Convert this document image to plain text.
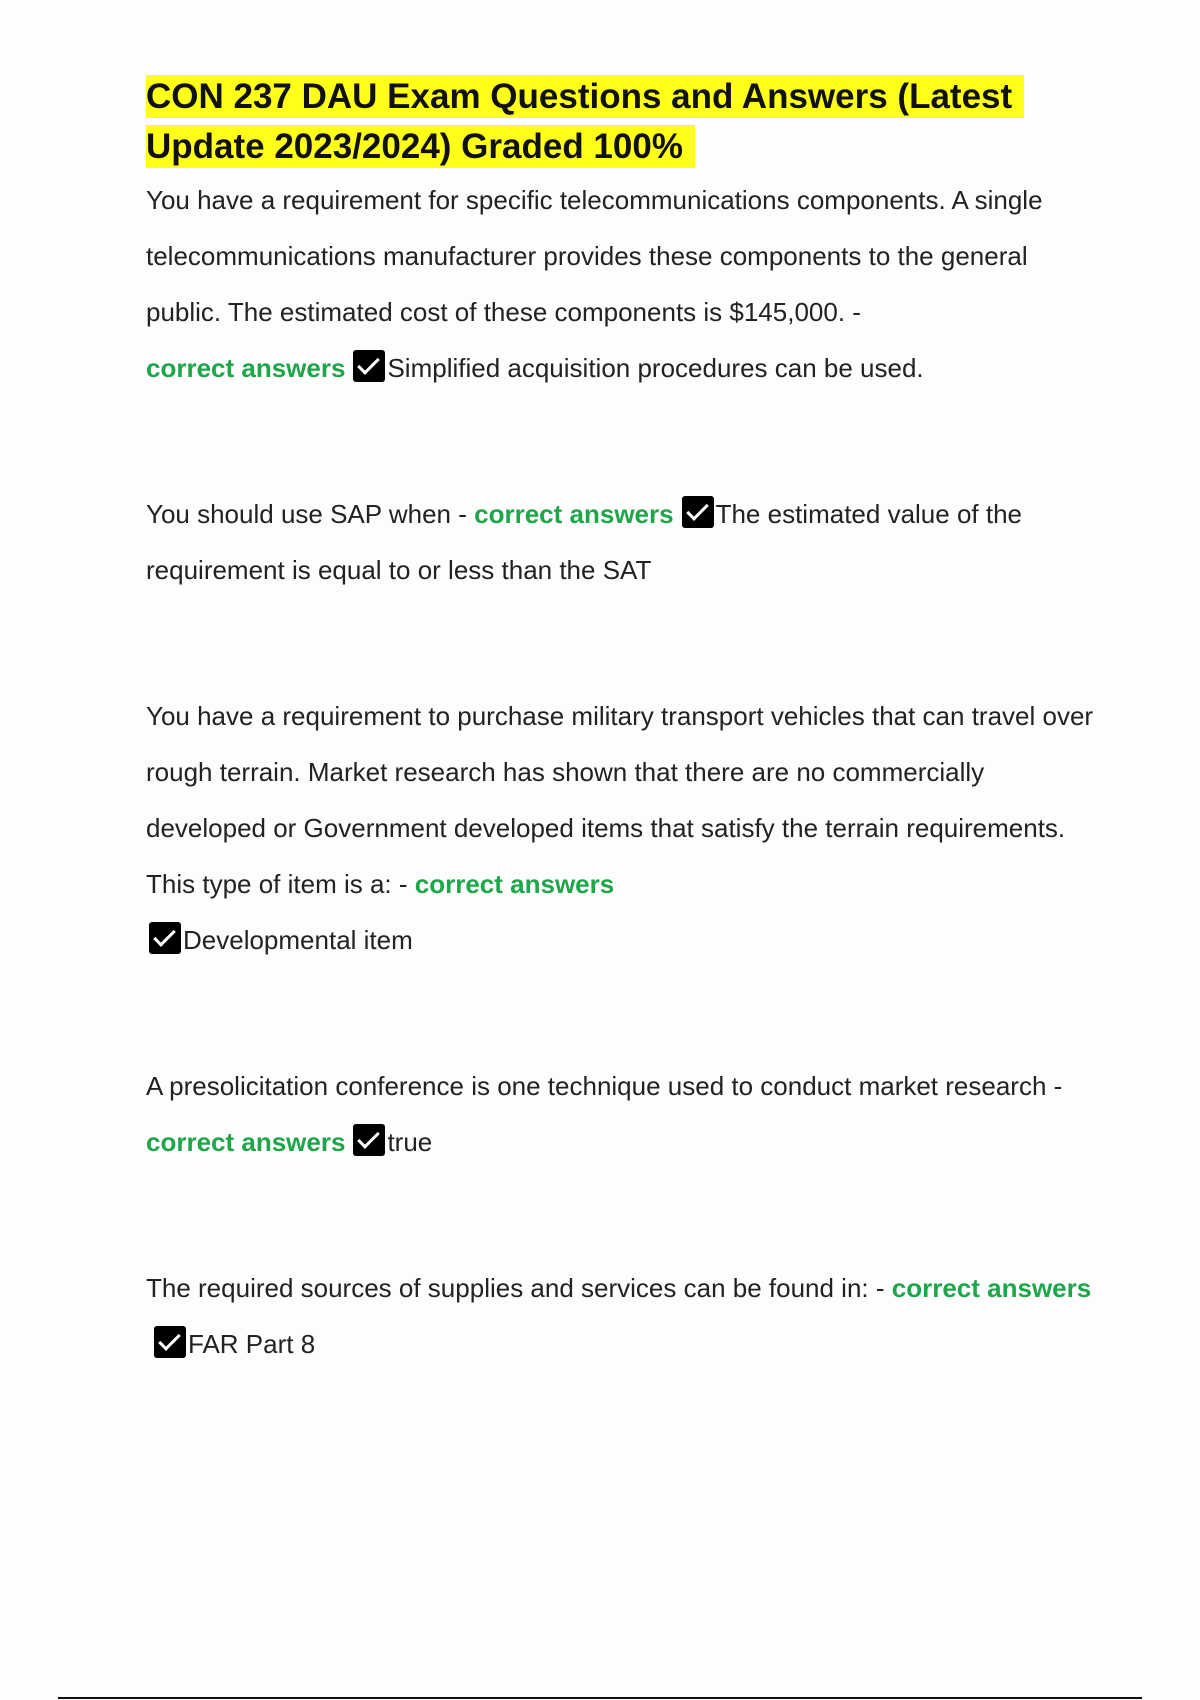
CON 237 DAU Exam Questions and Answers (Latest Update 2023/2024) Graded 100%

You have a requirement for specific telecommunications components. A single telecommunications manufacturer provides these components to the general public. The estimated cost of these components is $145,000. -
correct answers Simplified acquisition procedures can be used.

You should use SAP when - correct answers The estimated value of the requirement is equal to or less than the SAT

You have a requirement to purchase military transport vehicles that can travel over rough terrain. Market research has shown that there are no commercially developed or Government developed items that satisfy the terrain requirements. This type of item is a: - correct answers
Developmental item

A presolicitation conference is one technique used to conduct market research - correct answers true

The required sources of supplies and services can be found in: - correct answersFAR Part 8
